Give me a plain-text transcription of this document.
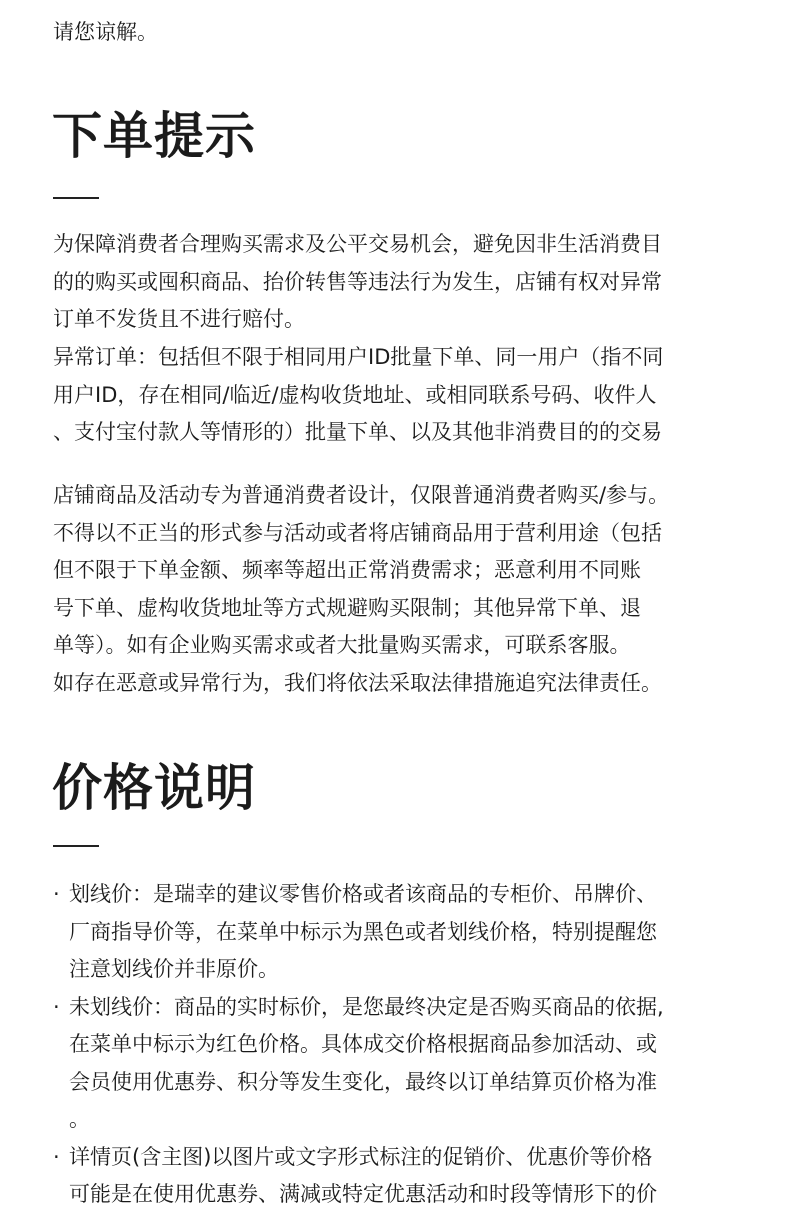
请您谅解。
下单提示
为保障消费者合理购买需求及公平交易机会，避免因非生活消费目
的的购买或囤积商品、抬价转售等违法行为发生，店铺有权对异常
订单不发货且不进行赔付。
异常订单：包括但不限于相同用户ID批量下单、同一用户（指不同
用户ID，存在相同/临近/虚构收货地址、或相同联系号码、收件人
、支付宝付款人等情形的）批量下单、以及其他非消费目的的交易
店铺商品及活动专为普通消费者设计，仅限普通消费者购买/参与。
不得以不正当的形式参与活动或者将店铺商品用于营利用途（包括
但不限于下单金额、频率等超出正常消费需求；恶意利用不同账
号下单、虚构收货地址等方式规避购买限制；其他异常下单、退
单等）。如有企业购买需求或者大批量购买需求，可联系客服。
如存在恶意或异常行为，我们将依法采取法律措施追究法律责任。
价格说明
· 划线价：是瑞幸的建议零售价格或者该商品的专柜价、吊牌价、
厂商指导价等，在菜单中标示为黑色或者划线价格，特别提醒您
注意划线价并非原价。
· 未划线价：商品的实时标价，是您最终决定是否购买商品的依据,
在菜单中标示为红色价格。具体成交价格根据商品参加活动、或
会员使用优惠券、积分等发生变化，最终以订单结算页价格为准
。
· 详情页(含主图)以图片或文字形式标注的促销价、优惠价等价格
可能是在使用优惠券、满减或特定优惠活动和时段等情形下的价
